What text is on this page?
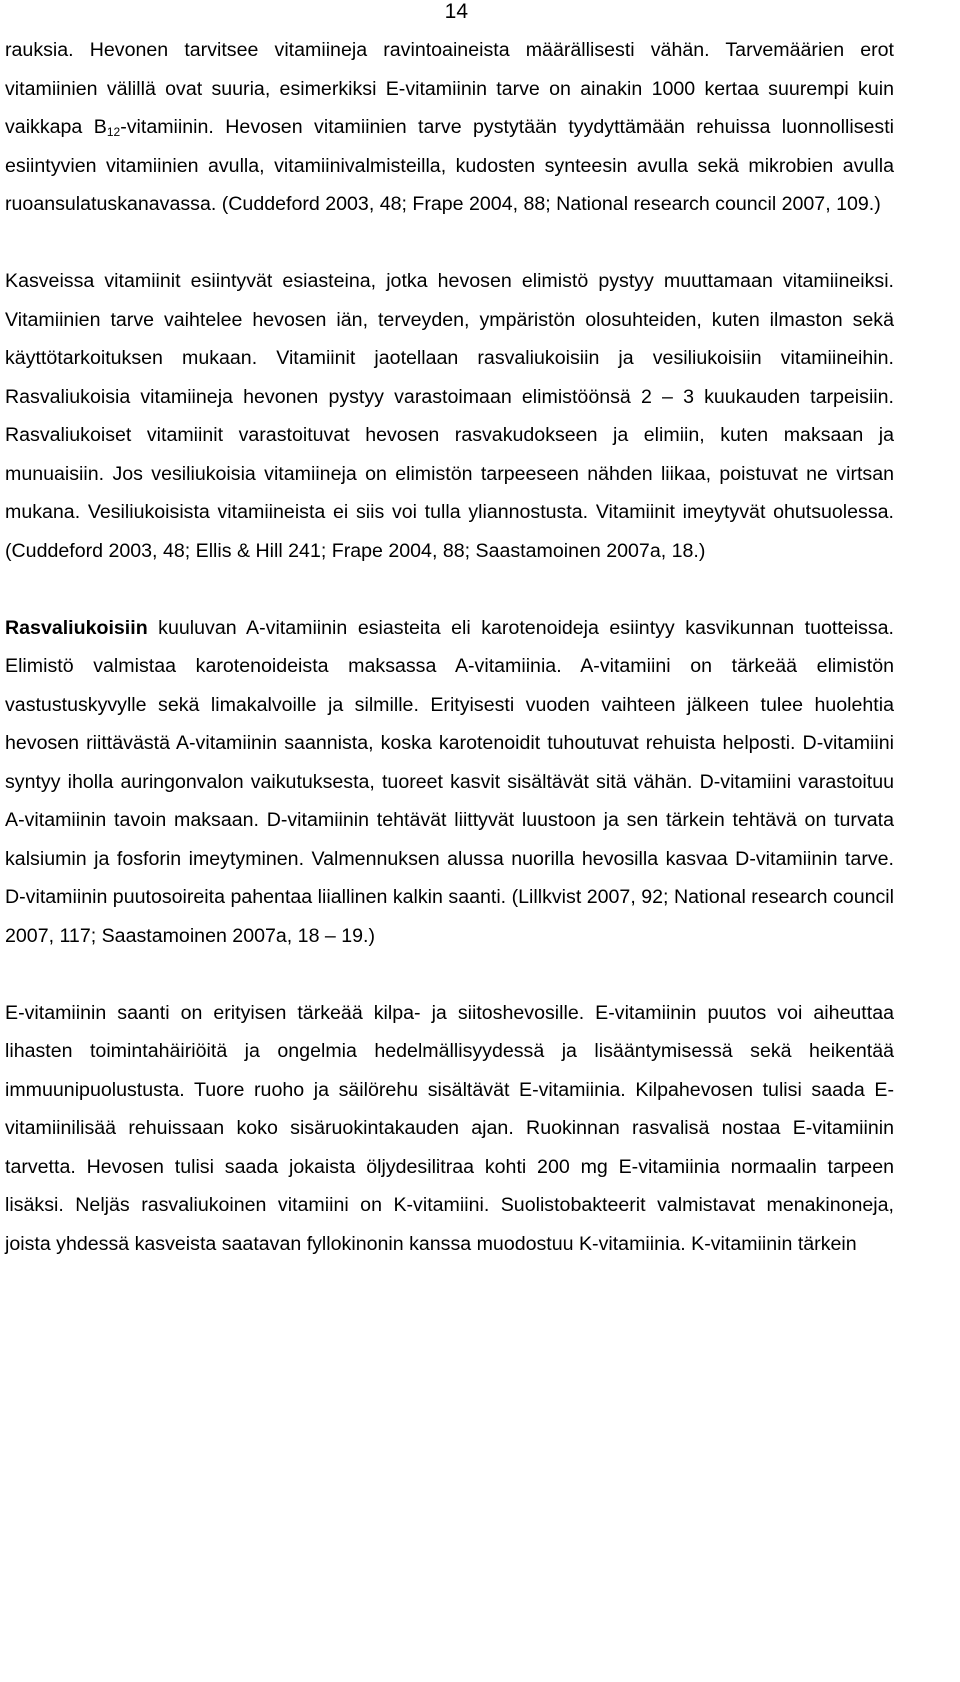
14

rauksia. Hevonen tarvitsee vitamiineja ravintoaineista määrällisesti vähän. Tarvemäärien erot vitamiinien välillä ovat suuria, esimerkiksi E-vitamiinin tarve on ainakin 1000 kertaa suurempi kuin vaikkapa $B_{12}$-vitamiinin. Hevosen vitamiinien tarve pystytään tyydyttämään rehuissa luonnollisesti esiintyvien vitamiinien avulla, vitamiinivalmisteilla, kudosten synteesin avulla sekä mikrobien avulla ruoansulatuskanavassa. (Cuddeford 2003, 48; Frape 2004, 88; National research council 2007, 109.)

Kasveissa vitamiinit esiintyvät esiasteina, jotka hevosen elimistö pystyy muuttamaan vitamiineiksi. Vitamiinien tarve vaihtelee hevosen iän, terveyden, ympäristön olosuhteiden, kuten ilmaston sekä käyttötarkoituksen mukaan. Vitamiinit jaotellaan rasvaliukoisiin ja vesiliukoisiin vitamiineihin. Rasvaliukoisia vitamiineja hevonen pystyy varastoimaan elimistöönsä 2 – 3 kuukauden tarpeisiin. Rasvaliukoiset vitamiinit varastoituvat hevosen rasvakudokseen ja elimiin, kuten maksaan ja munuaisiin. Jos vesiliukoisia vitamiineja on elimistön tarpeeseen nähden liikaa, poistuvat ne virtsan mukana. Vesiliukoisista vitamiineista ei siis voi tulla yliannostusta. Vitamiinit imeytyvät ohutsuolessa. (Cuddeford 2003, 48; Ellis & Hill 241; Frape 2004, 88; Saastamoinen 2007a, 18.)

Rasvaliukoisiin kuuluvan A-vitamiinin esiasteita eli karotenoideja esiintyy kasvikunnan tuotteissa. Elimistö valmistaa karotenoideista maksassa A-vitamiinia. A-vitamiini on tärkeää elimistön vastustuskyvylle sekä limakalvoille ja silmille. Erityisesti vuoden vaihteen jälkeen tulee huolehtia hevosen riittävästä A-vitamiinin saannista, koska karotenoidit tuhoutuvat rehuista helposti. D-vitamiini syntyy iholla auringonvalon vaikutuksesta, tuoreet kasvit sisältävät sitä vähän. D-vitamiini varastoituu A-vitamiinin tavoin maksaan. D-vitamiinin tehtävät liittyvät luustoon ja sen tärkein tehtävä on turvata kalsiumin ja fosforin imeytyminen. Valmennuksen alussa nuorilla hevosilla kasvaa D-vitamiinin tarve. D-vitamiinin puutosoireita pahentaa liiallinen kalkin saanti. (Lillkvist 2007, 92; National research council 2007, 117; Saastamoinen 2007a, 18 – 19.)

E-vitamiinin saanti on erityisen tärkeää kilpa- ja siitoshevosille. E-vitamiinin puutos voi aiheuttaa lihasten toimintahäiriöitä ja ongelmia hedelmällisyydessä ja lisääntymisessä sekä heikentää immuunipuolustusta. Tuore ruoho ja säilörehu sisältävät E-vitamiinia. Kilpahevosen tulisi saada E-vitamiinilisää rehuissaan koko sisäruokintakauden ajan. Ruokinnan rasvalisä nostaa E-vitamiinin tarvetta. Hevosen tulisi saada jokaista öljydesilitraa kohti 200 mg E-vitamiinia normaalin tarpeen lisäksi. Neljäs rasvaliukoinen vitamiini on K-vitamiini. Suolistobakteerit valmistavat menakinoneja, joista yhdessä kasveista saatavan fyllokinonin kanssa muodostuu K-vitamiinia. K-vitamiinin tärkein
